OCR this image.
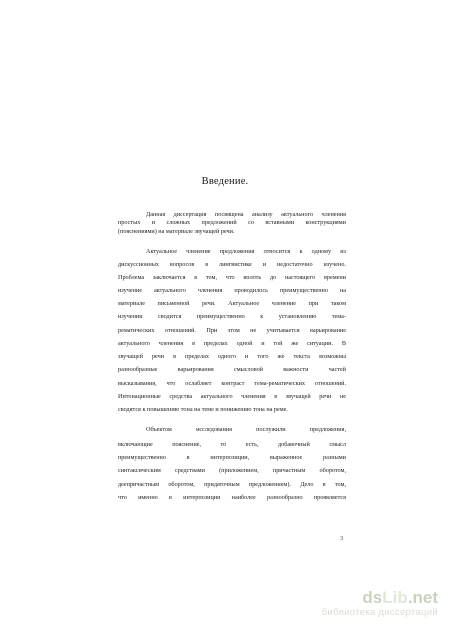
Введение.
Данная диссертация посвящена анализу актуального членения
простых и сложных предложений со вставными конструкциями
(пояснениями) на материале звучащей речи.
Актуальное членение предложения относится к одному из
дискуссионных вопросов в лингвистике и недостаточно изучено.
Проблема заключается в том, что вплоть до настоящего времени
изучение актуального членения проводилось преимущественно на
материале письменной речи. Актуальное членение при таком
изучении сводится преимущественно к установлению тема-
рематических отношений. При этом не учитывается варьирование
актуального членения в пределах одной и той же ситуации. В
звучащей речи в пределах одного и того же текста возможны
разнообразные варьирования смысловой важности частей
высказывания, что ослабляет контраст тема-рематических отношений.
Интонационные средства актуального членения в звучащей речи не
сводятся к повышению тона на теме и понижению тона на реме.
Объектом исследования послужили предложения,
включающие пояснение, то есть, добавочный смысл
преимущественно в интерпозиции, выраженное разными
синтаксическим средствами (приложением, причастным оборотом,
деепричастным оборотом, придаточным предложением). Дело в том,
что именно в интерпозиции наиболее разнообразно проявляется
3
dsLib.net
библиотека диссертаций
